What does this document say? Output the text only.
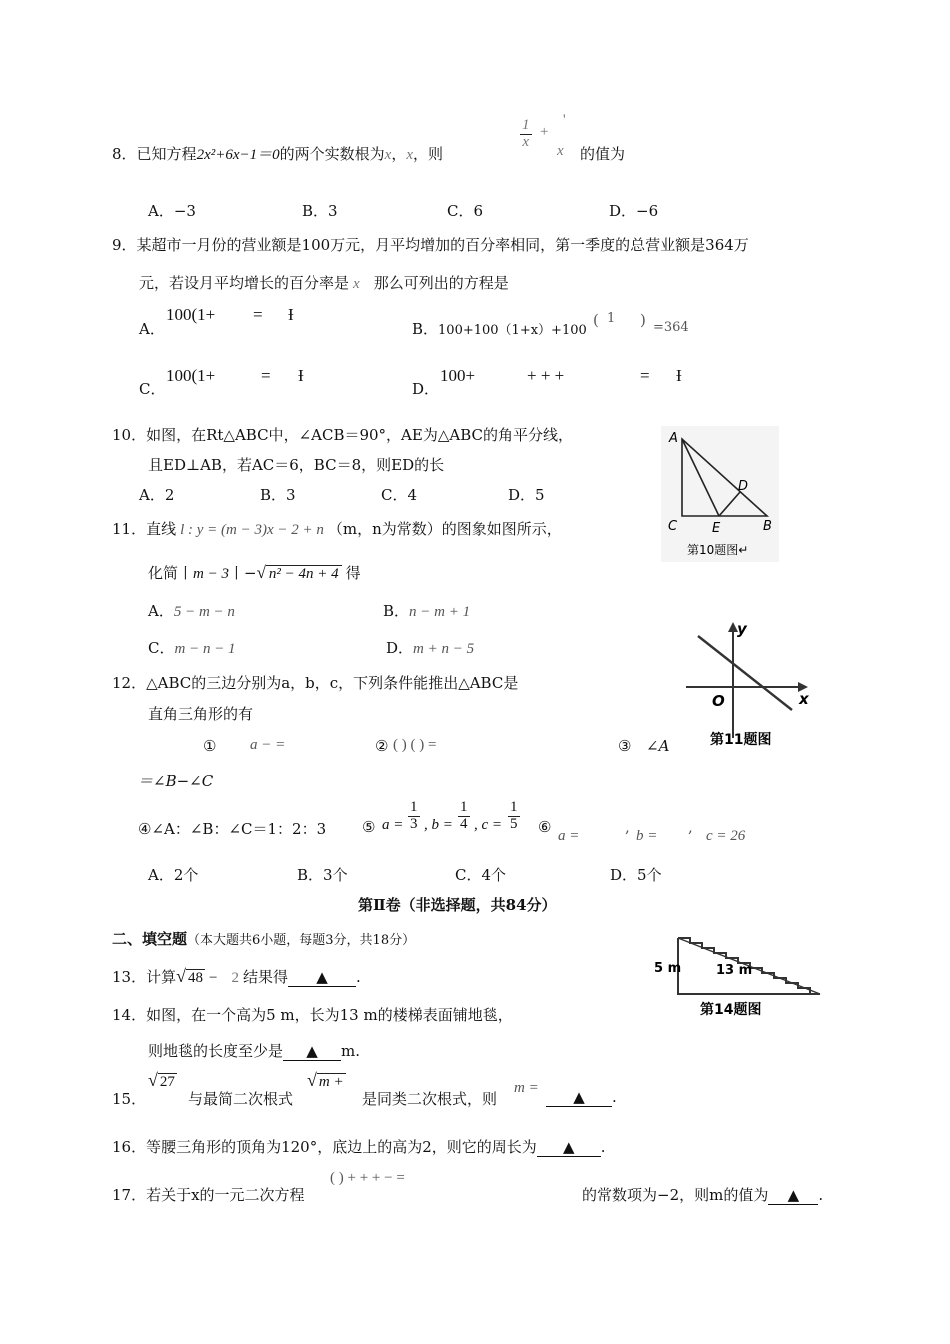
8．已知方程2x²+6x−1＝0的两个实数根为x，x，则
$\frac{1}{x}$ +
'
x 的值为
A．−3	B．3	C．6	D．−6
9．某超市一月份的营业额是100万元，月平均增加的百分率相同，第一季度的总营业额是364万
元，若设月平均增长的百分率是 x 那么可列出的方程是
A．
100(1+ = Ɨ
B．100+100（1+x）+100
( 1 ) =364
C．
100(1+	= Ɨ
D．
100+	+ + +	= Ɨ
10．如图，在Rt△ABC中，∠ACB＝90°，AE为△ABC的角平分线，
且ED⊥AB，若AC＝6，BC＝8，则ED的长
A．2	B．3	C．4	D．5
A
C	E	B
D
第10题图↵
11．直线 l : y = (m − 3)x − 2 + n （m，n为常数）的图象如图所示，
化简丨m − 3丨−√ n² − 4n + 4 得
A．5 − m − n	B．n − m + 1
C．m − n − 1	D．m + n − 5
y
x
O
第11题图
12．△ABC的三边分别为a，b，c，下列条件能推出△ABC是
直角三角形的有
① a − =	② ( ) ( ) =	③ ∠A
＝∠B−∠C
④∠A：∠B：∠C＝1：2：3 ⑤ $a = \frac{1}{3}$ , $b = \frac{1}{4}$ , $c = \frac{1}{5}$ ⑥ a =	, b = , c = 26
A．2个	B．3个	C．4个	D．5个
第Ⅱ卷（非选择题，共84分）
二、填空题（本大题共6小题，每题3分，共18分）
13．计算√ 48 − 2 结果得 ▲ .
14．如图，在一个高为5 m，长为13 m的楼梯表面铺地毯，
则地毯的长度至少是 ▲ m.
5 m	13 m
第14题图
15．
√ 27
与最简二次根式
√ m +
是同类二次根式，则
m =	▲ .
16．等腰三角形的顶角为120°，底边上的高为2，则它的周长为 ▲ .
17．若关于x的一元二次方程
( ) + + + − =
的常数项为−2，则m的值为 ▲ .
